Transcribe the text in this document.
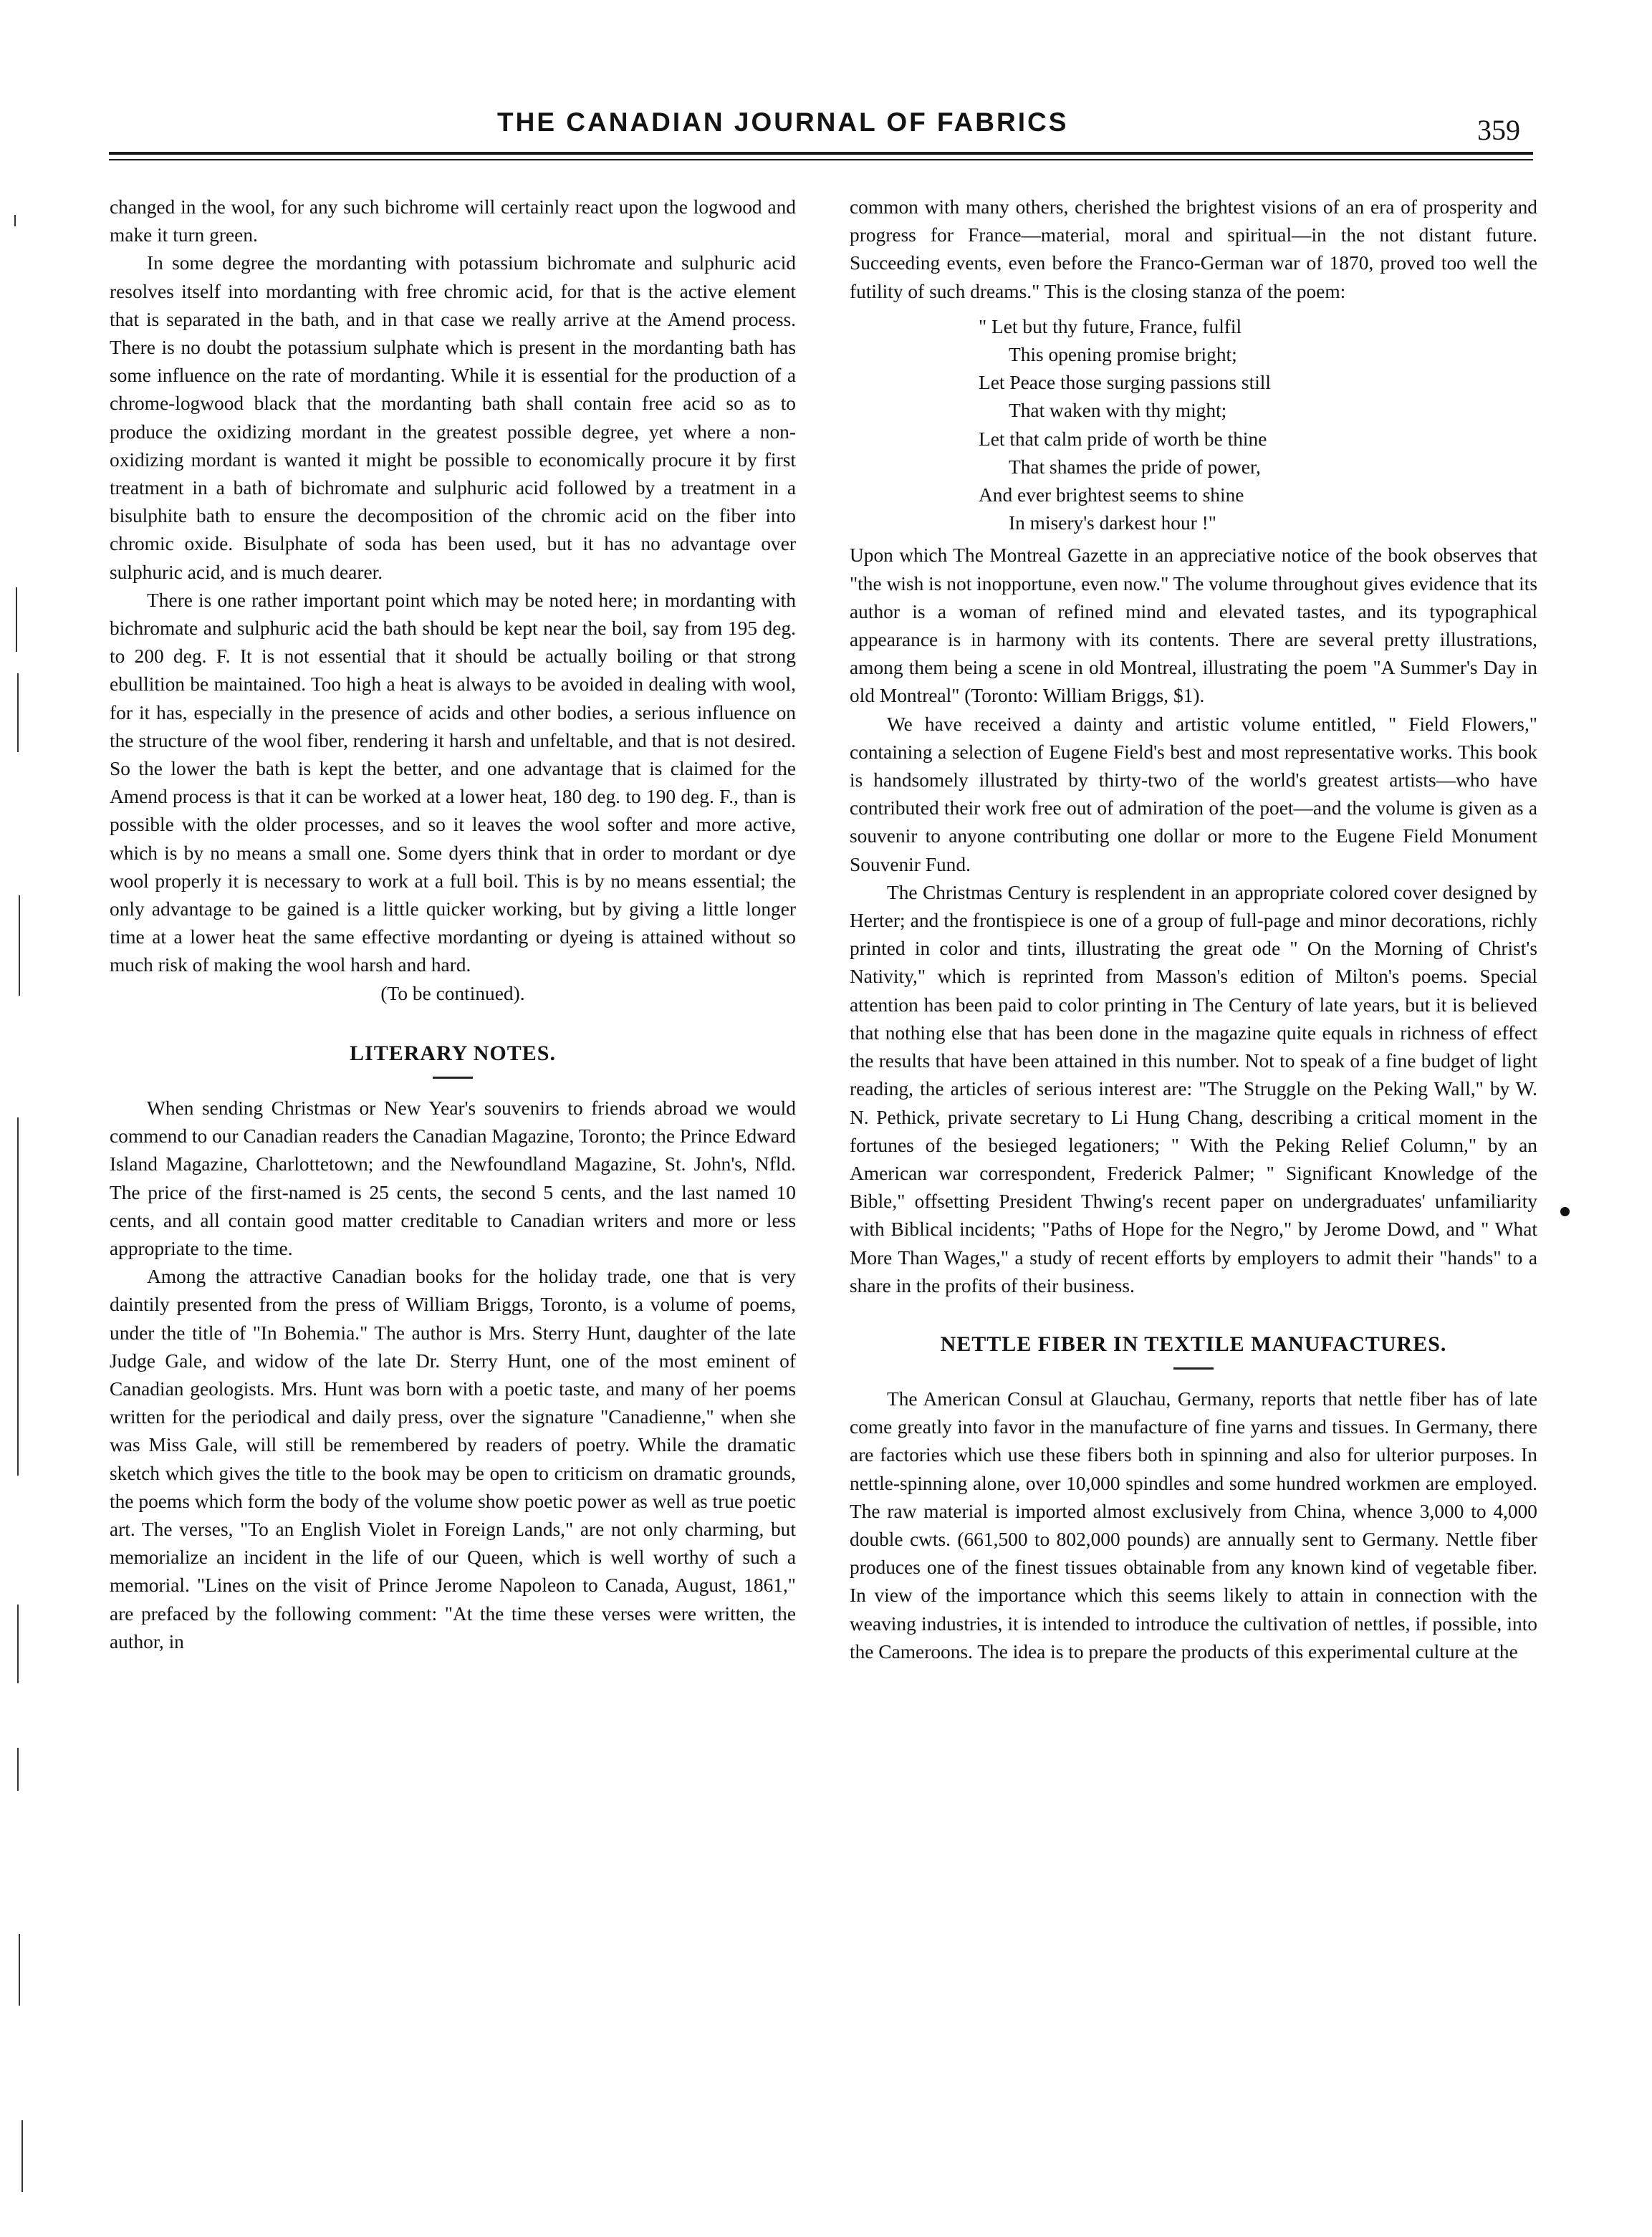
THE CANADIAN JOURNAL OF FABRICS	359

changed in the wool, for any such bichrome will certainly react upon the logwood and make it turn green.

In some degree the mordanting with potassium bichromate and sulphuric acid resolves itself into mordanting with free chromic acid, for that is the active element that is separated in the bath, and in that case we really arrive at the Amend process. There is no doubt the potassium sulphate which is present in the mordanting bath has some influence on the rate of mordanting. While it is essential for the production of a chrome-logwood black that the mordanting bath shall contain free acid so as to produce the oxidizing mordant in the greatest possible degree, yet where a non-oxidizing mordant is wanted it might be possible to economically procure it by first treatment in a bath of bichromate and sulphuric acid followed by a treatment in a bisulphite bath to ensure the decomposition of the chromic acid on the fiber into chromic oxide. Bisulphate of soda has been used, but it has no advantage over sulphuric acid, and is much dearer.

There is one rather important point which may be noted here; in mordanting with bichromate and sulphuric acid the bath should be kept near the boil, say from 195 deg. to 200 deg. F. It is not essential that it should be actually boiling or that strong ebullition be maintained. Too high a heat is always to be avoided in dealing with wool, for it has, especially in the presence of acids and other bodies, a serious influence on the structure of the wool fiber, rendering it harsh and unfeltable, and that is not desired. So the lower the bath is kept the better, and one advantage that is claimed for the Amend process is that it can be worked at a lower heat, 180 deg. to 190 deg. F., than is possible with the older processes, and so it leaves the wool softer and more active, which is by no means a small one. Some dyers think that in order to mordant or dye wool properly it is necessary to work at a full boil. This is by no means essential; the only advantage to be gained is a little quicker working, but by giving a little longer time at a lower heat the same effective mordanting or dyeing is attained without so much risk of making the wool harsh and hard.

(To be continued).

LITERARY NOTES.

When sending Christmas or New Year's souvenirs to friends abroad we would commend to our Canadian readers the Canadian Magazine, Toronto; the Prince Edward Island Magazine, Charlottetown; and the Newfoundland Magazine, St. John's, Nfld. The price of the first-named is 25 cents, the second 5 cents, and the last named 10 cents, and all contain good matter creditable to Canadian writers and more or less appropriate to the time.

Among the attractive Canadian books for the holiday trade, one that is very daintily presented from the press of William Briggs, Toronto, is a volume of poems, under the title of "In Bohemia." The author is Mrs. Sterry Hunt, daughter of the late Judge Gale, and widow of the late Dr. Sterry Hunt, one of the most eminent of Canadian geologists. Mrs. Hunt was born with a poetic taste, and many of her poems written for the periodical and daily press, over the signature "Canadienne," when she was Miss Gale, will still be remembered by readers of poetry. While the dramatic sketch which gives the title to the book may be open to criticism on dramatic grounds, the poems which form the body of the volume show poetic power as well as true poetic art. The verses, "To an English Violet in Foreign Lands," are not only charming, but memorialize an incident in the life of our Queen, which is well worthy of such a memorial. "Lines on the visit of Prince Jerome Napoleon to Canada, August, 1861," are prefaced by the following comment: "At the time these verses were written, the author, in

common with many others, cherished the brightest visions of an era of prosperity and progress for France—material, moral and spiritual—in the not distant future. Succeeding events, even before the Franco-German war of 1870, proved too well the futility of such dreams." This is the closing stanza of the poem:

" Let but thy future, France, fulfil
This opening promise bright;
Let Peace those surging passions still
That waken with thy might;
Let that calm pride of worth be thine
That shames the pride of power,
And ever brightest seems to shine
In misery's darkest hour !"

Upon which The Montreal Gazette in an appreciative notice of the book observes that "the wish is not inopportune, even now." The volume throughout gives evidence that its author is a woman of refined mind and elevated tastes, and its typographical appearance is in harmony with its contents. There are several pretty illustrations, among them being a scene in old Montreal, illustrating the poem "A Summer's Day in old Montreal" (Toronto: William Briggs, $1).

We have received a dainty and artistic volume entitled, " Field Flowers," containing a selection of Eugene Field's best and most representative works. This book is handsomely illustrated by thirty-two of the world's greatest artists—who have contributed their work free out of admiration of the poet—and the volume is given as a souvenir to anyone contributing one dollar or more to the Eugene Field Monument Souvenir Fund.

The Christmas Century is resplendent in an appropriate colored cover designed by Herter; and the frontispiece is one of a group of full-page and minor decorations, richly printed in color and tints, illustrating the great ode " On the Morning of Christ's Nativity," which is reprinted from Masson's edition of Milton's poems. Special attention has been paid to color printing in The Century of late years, but it is believed that nothing else that has been done in the magazine quite equals in richness of effect the results that have been attained in this number. Not to speak of a fine budget of light reading, the articles of serious interest are: "The Struggle on the Peking Wall," by W. N. Pethick, private secretary to Li Hung Chang, describing a critical moment in the fortunes of the besieged legationers; " With the Peking Relief Column," by an American war correspondent, Frederick Palmer; " Significant Knowledge of the Bible," offsetting President Thwing's recent paper on undergraduates' unfamiliarity with Biblical incidents; "Paths of Hope for the Negro," by Jerome Dowd, and " What More Than Wages," a study of recent efforts by employers to admit their "hands" to a share in the profits of their business.

NETTLE FIBER IN TEXTILE MANUFACTURES.

The American Consul at Glauchau, Germany, reports that nettle fiber has of late come greatly into favor in the manufacture of fine yarns and tissues. In Germany, there are factories which use these fibers both in spinning and also for ulterior purposes. In nettle-spinning alone, over 10,000 spindles and some hundred workmen are employed. The raw material is imported almost exclusively from China, whence 3,000 to 4,000 double cwts. (661,500 to 802,000 pounds) are annually sent to Germany. Nettle fiber produces one of the finest tissues obtainable from any known kind of vegetable fiber. In view of the importance which this seems likely to attain in connection with the weaving industries, it is intended to introduce the cultivation of nettles, if possible, into the Cameroons. The idea is to prepare the products of this experimental culture at the
